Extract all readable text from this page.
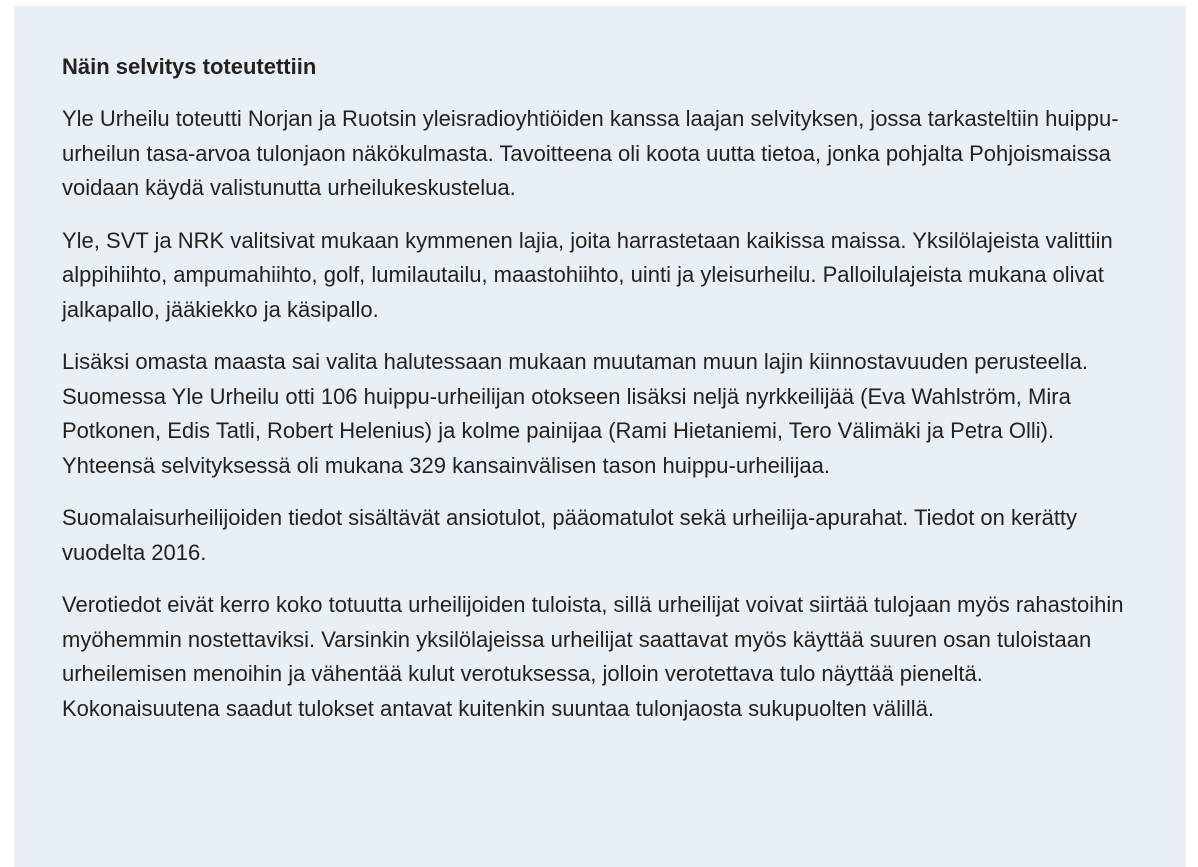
Näin selvitys toteutettiin

Yle Urheilu toteutti Norjan ja Ruotsin yleisradioyhtiöiden kanssa laajan selvityksen, jossa tarkasteltiin huippu-urheilun tasa-arvoa tulonjaon näkökulmasta. Tavoitteena oli koota uutta tietoa, jonka pohjalta Pohjoismaissa voidaan käydä valistunutta urheilukeskustelua.

Yle, SVT ja NRK valitsivat mukaan kymmenen lajia, joita harrastetaan kaikissa maissa. Yksilölajeista valittiin alppihiihto, ampumahiihto, golf, lumilautailu, maastohiihto, uinti ja yleisurheilu. Palloilulajeista mukana olivat jalkapallo, jääkiekko ja käsipallo.

Lisäksi omasta maasta sai valita halutessaan mukaan muutaman muun lajin kiinnostavuuden perusteella. Suomessa Yle Urheilu otti 106 huippu-urheilijan otokseen lisäksi neljä nyrkkeilijää (Eva Wahlström, Mira Potkonen, Edis Tatli, Robert Helenius) ja kolme painijaa (Rami Hietaniemi, Tero Välimäki ja Petra Olli). Yhteensä selvityksessä oli mukana 329 kansainvälisen tason huippu-urheilijaa.

Suomalaisurheilijoiden tiedot sisältävät ansiotulot, pääomatulot sekä urheilija-apurahat. Tiedot on kerätty vuodelta 2016.

Verotiedot eivät kerro koko totuutta urheilijoiden tuloista, sillä urheilijat voivat siirtää tulojaan myös rahastoihin myöhemmin nostettaviksi. Varsinkin yksilölajeissa urheilijat saattavat myös käyttää suuren osan tuloistaan urheilemisen menoihin ja vähentää kulut verotuksessa, jolloin verotettava tulo näyttää pieneltä. Kokonaisuutena saadut tulokset antavat kuitenkin suuntaa tulonjaosta sukupuolten välillä.
